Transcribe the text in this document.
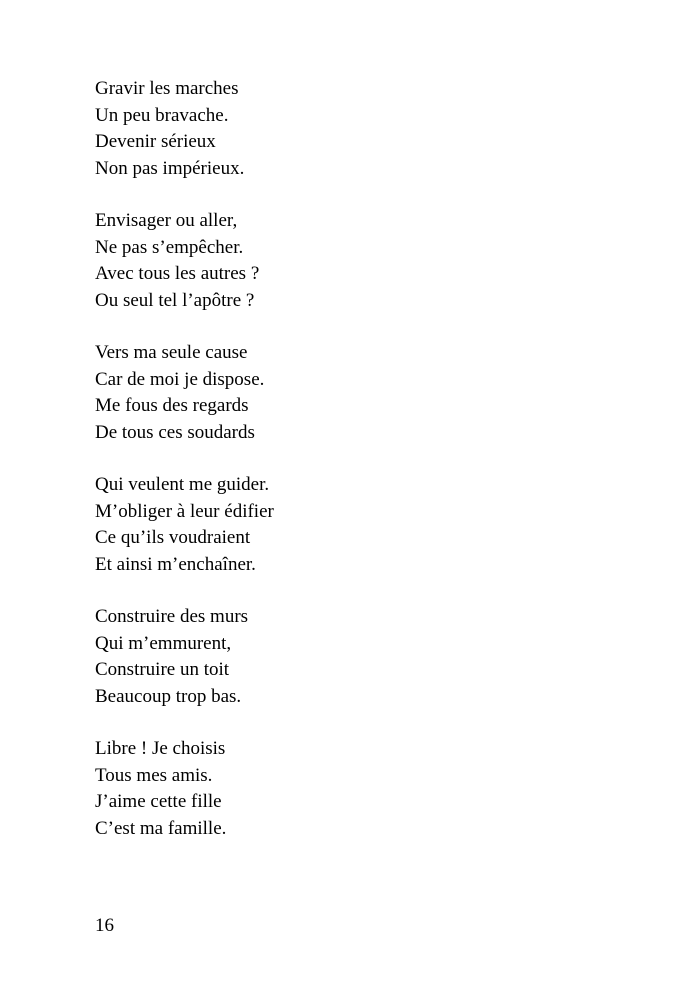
Gravir les marches
Un peu bravache.
Devenir sérieux
Non pas impérieux.
Envisager ou aller,
Ne pas s’empêcher.
Avec tous les autres ?
Ou seul tel l’apôtre ?
Vers ma seule cause
Car de moi je dispose.
Me fous des regards
De tous ces soudards
Qui veulent me guider.
M’obliger à leur édifier
Ce qu’ils voudraient
Et ainsi m’enchaîner.
Construire des murs
Qui m’emmurent,
Construire un toit
Beaucoup trop bas.
Libre ! Je choisis
Tous mes amis.
J’aime cette fille
C’est ma famille.
16
